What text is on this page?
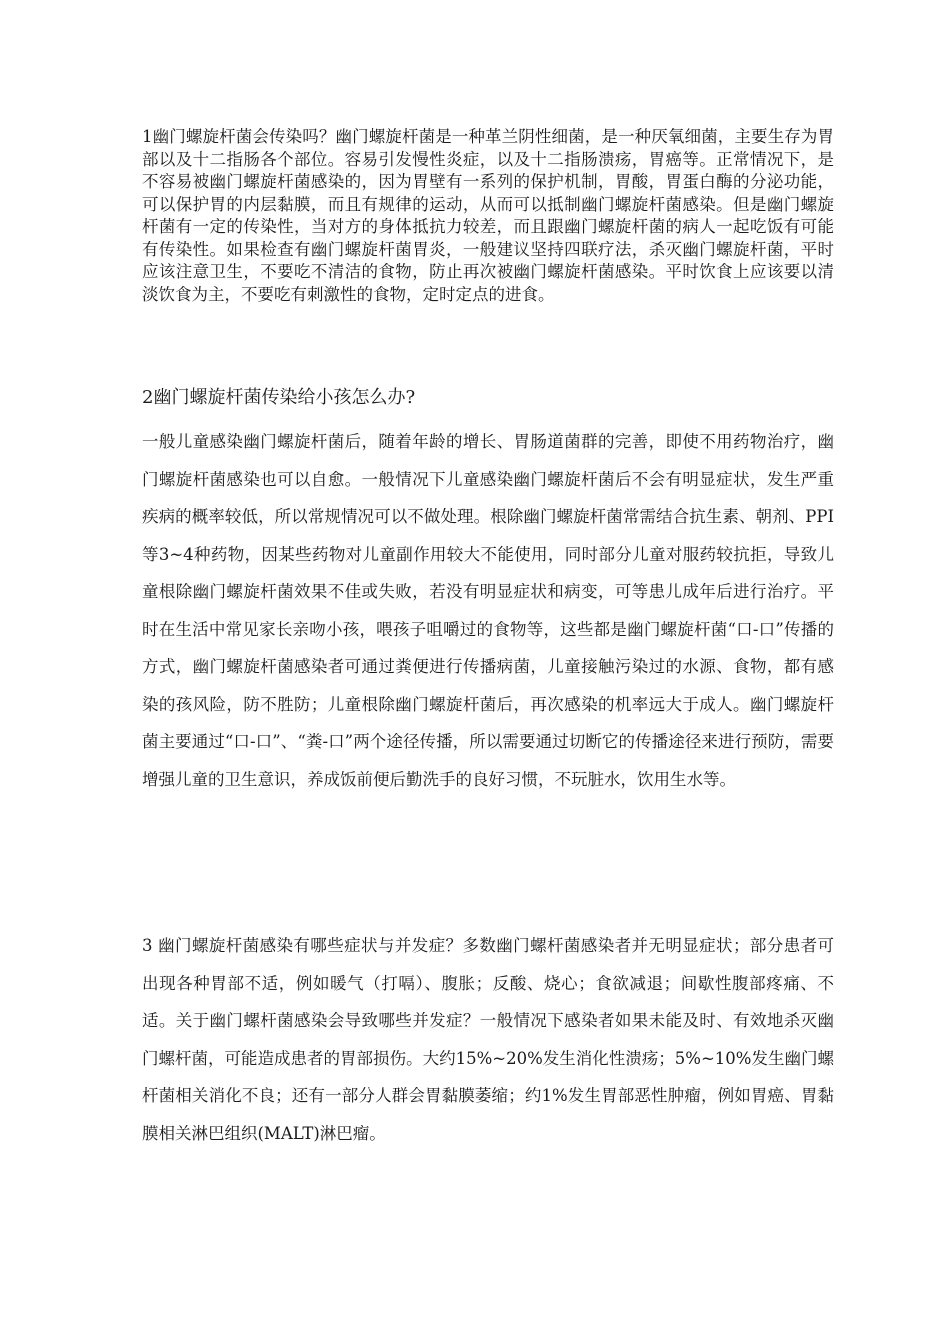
1幽门螺旋杆菌会传染吗？幽门螺旋杆菌是一种革兰阴性细菌，是一种厌氧细菌，主要生存为胃部以及十二指肠各个部位。容易引发慢性炎症，以及十二指肠溃疡，胃癌等。正常情况下，是不容易被幽门螺旋杆菌感染的，因为胃壁有一系列的保护机制，胃酸，胃蛋白酶的分泌功能，可以保护胃的内层黏膜，而且有规律的运动，从而可以抵制幽门螺旋杆菌感染。但是幽门螺旋杆菌有一定的传染性，当对方的身体抵抗力较差，而且跟幽门螺旋杆菌的病人一起吃饭有可能有传染性。如果检查有幽门螺旋杆菌胃炎，一般建议坚持四联疗法，杀灭幽门螺旋杆菌，平时应该注意卫生，不要吃不清洁的食物，防止再次被幽门螺旋杆菌感染。平时饮食上应该要以清淡饮食为主，不要吃有刺激性的食物，定时定点的进食。

2幽门螺旋杆菌传染给小孩怎么办?

一般儿童感染幽门螺旋杆菌后，随着年龄的增长、胃肠道菌群的完善，即使不用药物治疗，幽门螺旋杆菌感染也可以自愈。一般情况下儿童感染幽门螺旋杆菌后不会有明显症状，发生严重疾病的概率较低，所以常规情况可以不做处理。根除幽门螺旋杆菌常需结合抗生素、朝剂、PPI等3~4种药物，因某些药物对儿童副作用较大不能使用，同时部分儿童对服药较抗拒，导致儿童根除幽门螺旋杆菌效果不佳或失败，若没有明显症状和病变，可等患儿成年后进行治疗。平时在生活中常见家长亲吻小孩，喂孩子咀嚼过的食物等，这些都是幽门螺旋杆菌“口-口”传播的方式，幽门螺旋杆菌感染者可通过粪便进行传播病菌，儿童接触污染过的水源、食物，都有感染的孩风险，防不胜防；儿童根除幽门螺旋杆菌后，再次感染的机率远大于成人。幽门螺旋杆菌主要通过“口-口”、“粪-口”两个途径传播，所以需要通过切断它的传播途径来进行预防，需要增强儿童的卫生意识，养成饭前便后勤洗手的良好习惯，不玩脏水，饮用生水等。

3 幽门螺旋杆菌感染有哪些症状与并发症？多数幽门螺杆菌感染者并无明显症状；部分患者可出现各种胃部不适，例如暖气（打嗝）、腹胀；反酸、烧心；食欲减退；间歇性腹部疼痛、不适。关于幽门螺杆菌感染会导致哪些并发症？一般情况下感染者如果未能及时、有效地杀灭幽门螺杆菌，可能造成患者的胃部损伤。大约15%~20%发生消化性溃疡；5%~10%发生幽门螺杆菌相关消化不良；还有一部分人群会胃黏膜萎缩；约1%发生胃部恶性肿瘤，例如胃癌、胃黏膜相关淋巴组织(MALT)淋巴瘤。
